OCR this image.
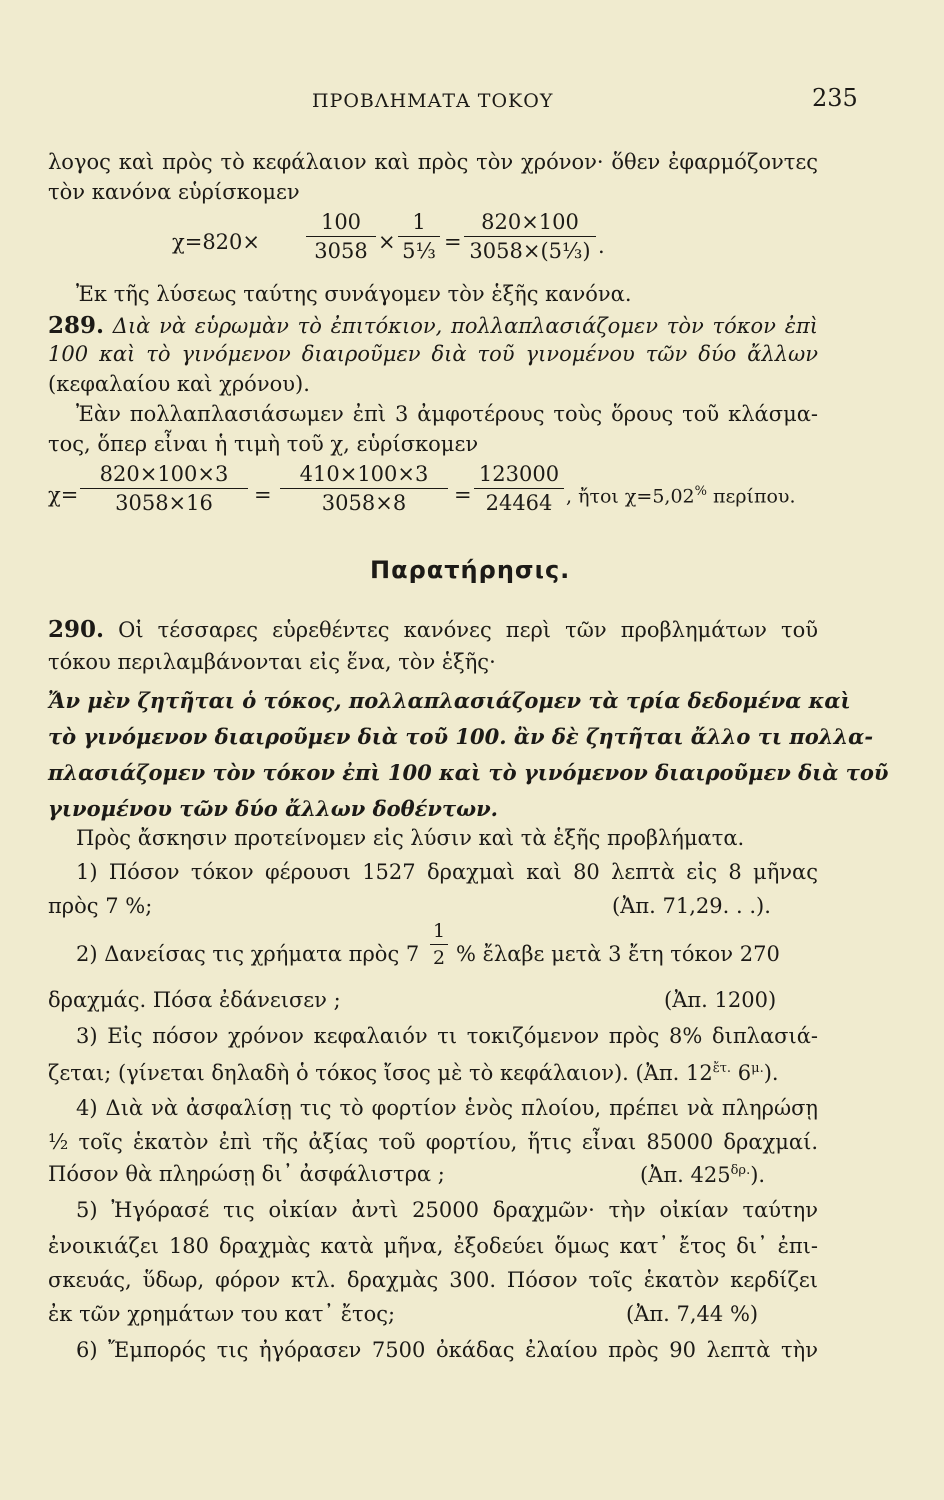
ΠΡΟΒΛΗΜΑΤΑ ΤΟΚΟΥ	235
λογος καὶ πρὸς τὸ κεφάλαιον καὶ πρὸς τὸν χρόνον· ὅθεν ἐφαρμόζοντες
τὸν κανόνα εὑρίσκομεν
$\chi=820\times \frac{100}{3058} \times \frac{1}{\text{5⅓}} = \frac{820\times 100}{\text{3058×(5⅓)}}$ .
Ἐκ τῆς λύσεως ταύτης συνάγομεν τὸν ἑξῆς κανόνα.
289. Διὰ νὰ εὑρωμὰν τὸ ἐπιτόκιον, πολλαπλασιάζομεν τὸν τόκον ἐπὶ
100 καὶ τὸ γινόμενον διαιροῦμεν διὰ τοῦ γινομένου τῶν δύο ἄλλων
(κεφαλαίου καὶ χρόνου).
Ἐὰν πολλαπλασιάσωμεν ἐπὶ 3 ἀμφοτέρους τοὺς ὅρους τοῦ κλάσμα-
τος, ὅπερ εἶναι ἡ τιμὴ τοῦ χ, εὑρίσκομεν
$\chi= \frac{820\times 100\times 3}{3058\times 16} = \frac{410\times 100\times 3}{3058\times 8} = \frac{123000}{24464}$ , ἤτοι χ=5,02% περίπου.
Παρατήρησις.
290. Οἱ τέσσαρες εὑρεθέντες κανόνες περὶ τῶν προβλημάτων τοῦ
τόκου περιλαμβάνονται εἰς ἕνα, τὸν ἑξῆς·
Ἄν μὲν ζητῆται ὁ τόκος, πολλαπλασιάζομεν τὰ τρία δεδομένα καὶ
τὸ γινόμενον διαιροῦμεν διὰ τοῦ 100. ἂν δὲ ζητῆται ἄλλο τι πολλα-
πλασιάζομεν τὸν τόκον ἐπὶ 100 καὶ τὸ γινόμενον διαιροῦμεν διὰ τοῦ
γινομένου τῶν δύο ἄλλων δοθέντων.
Πρὸς ἄσκησιν προτείνομεν εἰς λύσιν καὶ τὰ ἑξῆς προβλήματα.
1) Πόσον τόκον φέρουσι 1527 δραχμαὶ καὶ 80 λεπτὰ εἰς 8 μῆνας
πρὸς 7 %;	(Ἀπ. 71,29. . .).
2) Δανείσας τις χρήματα πρὸς $7 \frac{1}{2}$ % ἔλαβε μετὰ 3 ἔτη τόκον 270
δραχμάς. Πόσα ἐδάνεισεν ;	(Ἀπ. 1200)
3) Εἰς πόσον χρόνον κεφαλαιόν τι τοκιζόμενον πρὸς 8% διπλασιά-
ζεται; (γίνεται δηλαδὴ ὁ τόκος ἴσος μὲ τὸ κεφάλαιον). (Ἀπ. $12^{ἔ\tau.}$ $6^{\mu.}$).
4) Διὰ νὰ ἀσφαλίσῃ τις τὸ φορτίον ἑνὸς πλοίου, πρέπει νὰ πληρώσῃ
½ τοῖς ἑκατὸν ἐπὶ τῆς ἀξίας τοῦ φορτίου, ἥτις εἶναι 85000 δραχμαί.
Πόσον θὰ πληρώσῃ δι᾽ ἀσφάλιστρα ;	(Ἀπ. $425^{\delta\rho.}$).
5) Ἠγόρασέ τις οἰκίαν ἀντὶ 25000 δραχμῶν· τὴν οἰκίαν ταύτην
ἐνοικιάζει 180 δραχμὰς κατὰ μῆνα, ἐξοδεύει ὅμως κατ᾽ ἔτος δι᾽ ἐπι-
σκευάς, ὕδωρ, φόρον κτλ. δραχμὰς 300. Πόσον τοῖς ἑκατὸν κερδίζει
ἐκ τῶν χρημάτων του κατ᾽ ἔτος;	(Ἀπ. 7,44 %)
6) Ἔμπορός τις ἠγόρασεν 7500 ὀκάδας ἐλαίου πρὸς 90 λεπτὰ τὴν
